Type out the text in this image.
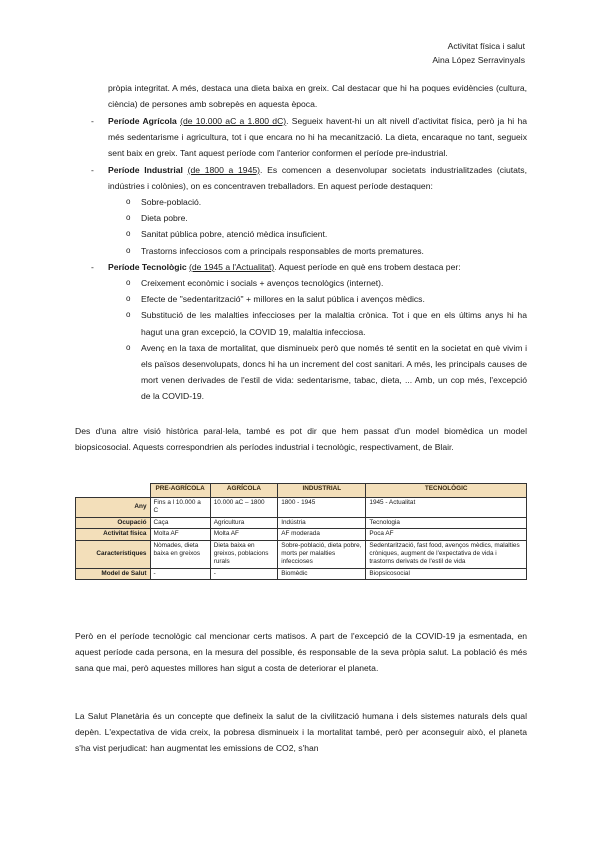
Activitat física i salut
Aina López Serravinyals
pròpia integritat. A més, destaca una dieta baixa en greix. Cal destacar que hi ha poques evidències (cultura, ciència) de persones amb sobrepès en aquesta època.
- Període Agrícola (de 10.000 aC a 1.800 dC). Segueix havent-hi un alt nivell d'activitat física, però ja hi ha més sedentarisme i agricultura, tot i que encara no hi ha mecanització. La dieta, encaraque no tant, segueix sent baix en greix. Tant aquest període com l'anterior conformen el període pre-industrial.
- Període Industrial (de 1800 a 1945). Es comencen a desenvolupar societats industrialitzades (ciutats, indústries i colònies), on es concentraven treballadors. En aquest període destaquen:
o Sobre-població.
o Dieta pobre.
o Sanitat pública pobre, atenció mèdica insuficient.
o Trastorns infecciosos com a principals responsables de morts prematures.
- Període Tecnològic (de 1945 a l'Actualitat). Aquest període en què ens trobem destaca per:
o Creixement econòmic i socials + avenços tecnològics (internet).
o Efecte de "sedentarització" + millores en la salut pública i avenços mèdics.
o Substitució de les malalties infeccioses per la malaltia crònica. Tot i que en els últims anys hi ha hagut una gran excepció, la COVID 19, malaltia infecciosa.
o Avenç en la taxa de mortalitat, que disminueix però que només té sentit en la societat en què vivim i els països desenvolupats, doncs hi ha un increment del cost sanitari. A més, les principals causes de mort venen derivades de l'estil de vida: sedentarisme, tabac, dieta, ... Amb, un cop més, l'excepció de la COVID-19.
Des d'una altre visió històrica paral·lela, també es pot dir que hem passat d'un model biomèdica un model biopsicosocial. Aquests correspondrien als períodes industrial i tecnològic, respectivament, de Blair.
	PRE-AGRÍCOLA	AGRÍCOLA	INDUSTRIAL	TECNOLÒGIC
Any	Fins a l 10.000 a C	10.000 aC – 1800	1800 - 1945	1945 - Actualitat
Ocupació	Caça	Agricultura	Indústria	Tecnologia
Activitat física	Molta AF	Molta AF	AF moderada	Poca AF
Característiques	Nòmades, dieta baixa en greixos	Dieta baixa en greixos, poblacions rurals	Sobre-població, dieta pobre, morts per malalties infeccioses	Sedentarització, fast food, avenços mèdics, malalties cròniques, augment de l'expectativa de vida i trastorns derivats de l'estil de vida
Model de Salut	-	-	Biomèdic	Biopsicosocial
Però en el període tecnològic cal mencionar certs matisos. A part de l'excepció de la COVID-19 ja esmentada, en aquest període cada persona, en la mesura del possible, és responsable de la seva pròpia salut. La població és més sana que mai, però aquestes millores han sigut a costa de deteriorar el planeta.
La Salut Planetària és un concepte que defineix la salut de la civilització humana i dels sistemes naturals dels qual depèn. L'expectativa de vida creix, la pobresa disminueix i la mortalitat també, però per aconseguir això, el planeta s'ha vist perjudicat: han augmentat les emissions de CO2, s'han
